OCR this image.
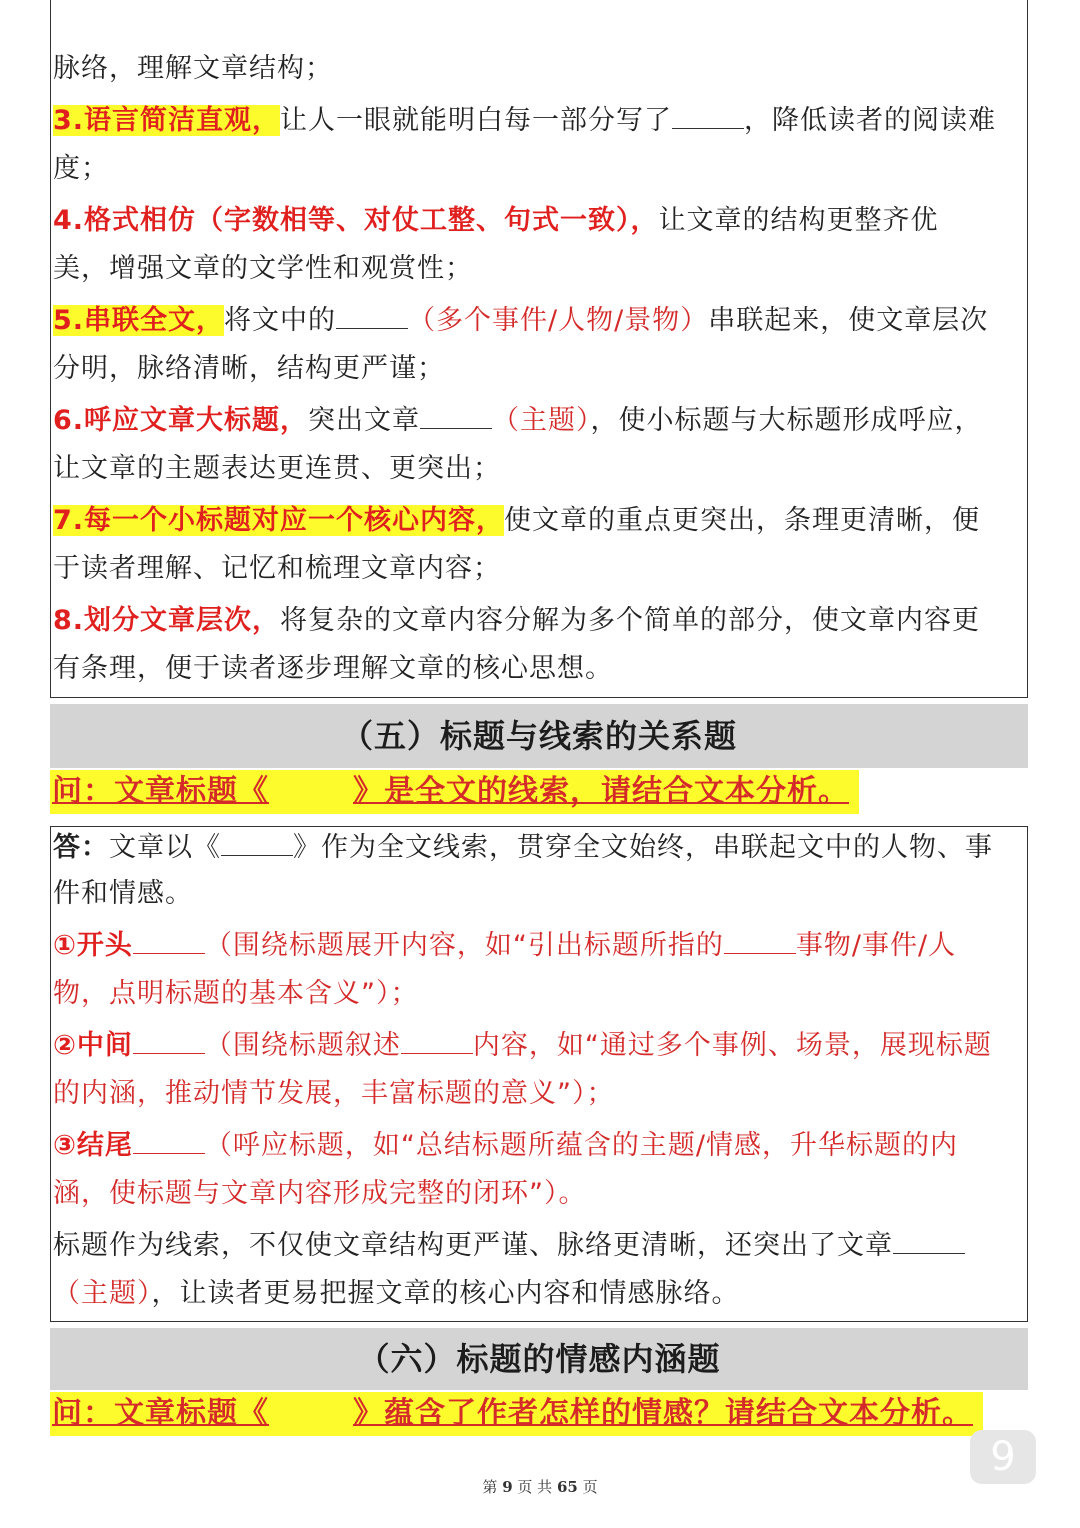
脉络，理解文章结构；
3.语言简洁直观，让人一眼就能明白每一部分写了	，降低读者的阅读难
度；
4.格式相仿（字数相等、对仗工整、句式一致），让文章的结构更整齐优
美，增强文章的文学性和观赏性；
5.串联全文，将文中的	（多个事件/人物/景物）串联起来，使文章层次
分明，脉络清晰，结构更严谨；
6.呼应文章大标题，突出文章	（主题），使小标题与大标题形成呼应，
让文章的主题表达更连贯、更突出；
7.每一个小标题对应一个核心内容，使文章的重点更突出，条理更清晰，便
于读者理解、记忆和梳理文章内容；
8.划分文章层次，将复杂的文章内容分解为多个简单的部分，使文章内容更
有条理，便于读者逐步理解文章的核心思想。
（五）标题与线索的关系题
问：文章标题《	》是全文的线索，请结合文本分析。
答：文章以《	》作为全文线索，贯穿全文始终，串联起文中的人物、事
件和情感。
①开头	（围绕标题展开内容，如“引出标题所指的	事物/事件/人
物，点明标题的基本含义”）；
②中间	（围绕标题叙述	内容，如“通过多个事例、场景，展现标题
的内涵，推动情节发展，丰富标题的意义”）；
③结尾	（呼应标题，如“总结标题所蕴含的主题/情感，升华标题的内
涵，使标题与文章内容形成完整的闭环”）。
标题作为线索，不仅使文章结构更严谨、脉络更清晰，还突出了文章
（主题），让读者更易把握文章的核心内容和情感脉络。
（六）标题的情感内涵题
问：文章标题《	》蕴含了作者怎样的情感？请结合文本分析。
9
第 9 页 共 65 页
